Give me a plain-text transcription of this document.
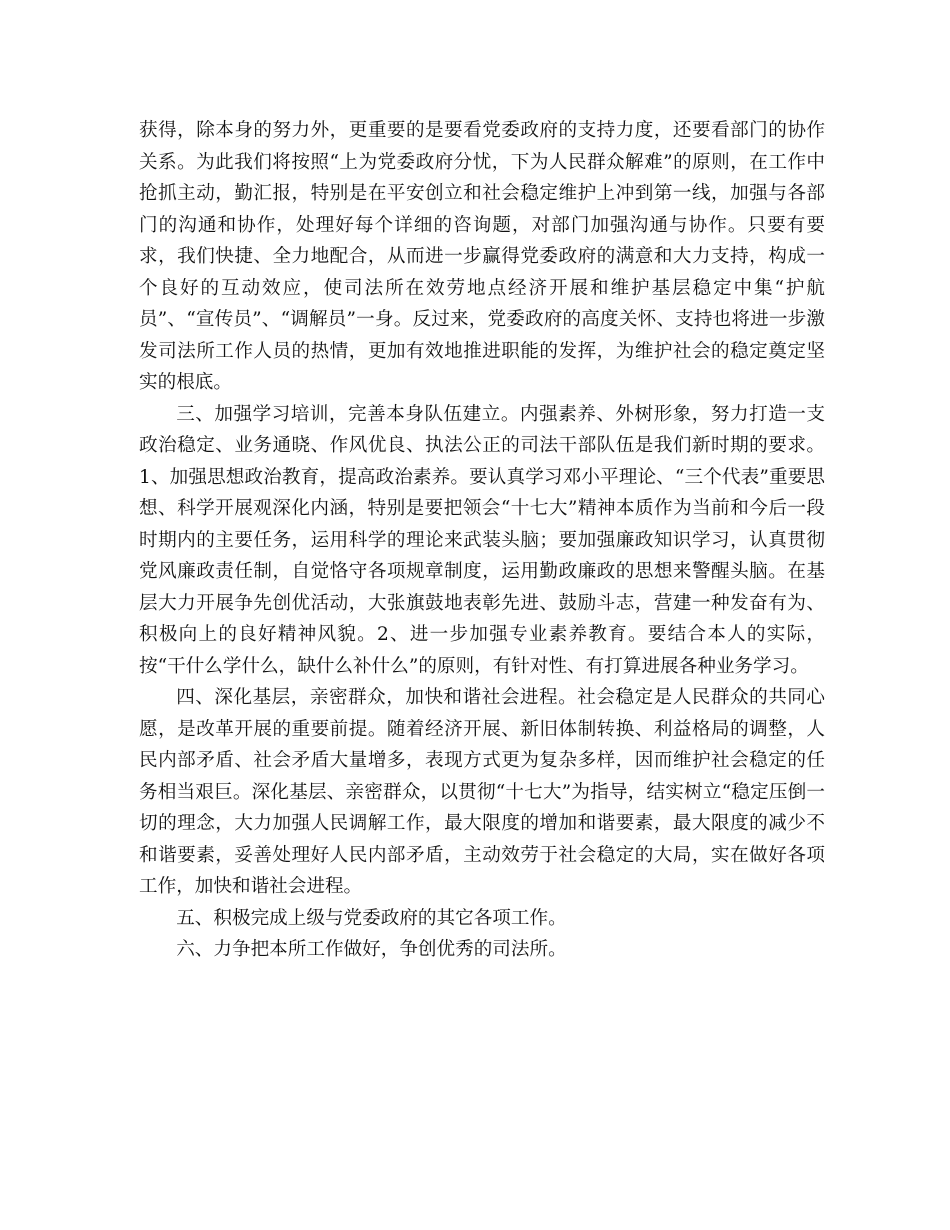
获得，除本身的努力外，更重要的是要看党委政府的支持力度，还要看部门的协作关系。为此我们将按照“上为党委政府分忧，下为人民群众解难”的原则，在工作中抢抓主动，勤汇报，特别是在平安创立和社会稳定维护上冲到第一线，加强与各部门的沟通和协作，处理好每个详细的咨询题，对部门加强沟通与协作。只要有要求，我们快捷、全力地配合，从而进一步赢得党委政府的满意和大力支持，构成一个良好的互动效应，使司法所在效劳地点经济开展和维护基层稳定中集“护航员”、“宣传员”、“调解员”一身。反过来，党委政府的高度关怀、支持也将进一步激发司法所工作人员的热情，更加有效地推进职能的发挥，为维护社会的稳定奠定坚实的根底。

三、加强学习培训，完善本身队伍建立。内强素养、外树形象，努力打造一支政治稳定、业务通晓、作风优良、执法公正的司法干部队伍是我们新时期的要求。1、加强思想政治教育，提高政治素养。要认真学习邓小平理论、“三个代表”重要思想、科学开展观深化内涵，特别是要把领会“十七大”精神本质作为当前和今后一段时期内的主要任务，运用科学的理论来武装头脑；要加强廉政知识学习，认真贯彻党风廉政责任制，自觉恪守各项规章制度，运用勤政廉政的思想来警醒头脑。在基层大力开展争先创优活动，大张旗鼓地表彰先进、鼓励斗志，营建一种发奋有为、积极向上的良好精神风貌。2、进一步加强专业素养教育。要结合本人的实际，按“干什么学什么，缺什么补什么”的原则，有针对性、有打算进展各种业务学习。

四、深化基层，亲密群众，加快和谐社会进程。社会稳定是人民群众的共同心愿，是改革开展的重要前提。随着经济开展、新旧体制转换、利益格局的调整，人民内部矛盾、社会矛盾大量增多，表现方式更为复杂多样，因而维护社会稳定的任务相当艰巨。深化基层、亲密群众，以贯彻“十七大”为指导，结实树立“稳定压倒一切的理念，大力加强人民调解工作，最大限度的增加和谐要素，最大限度的减少不和谐要素，妥善处理好人民内部矛盾，主动效劳于社会稳定的大局，实在做好各项工作，加快和谐社会进程。

五、积极完成上级与党委政府的其它各项工作。

六、力争把本所工作做好，争创优秀的司法所。
